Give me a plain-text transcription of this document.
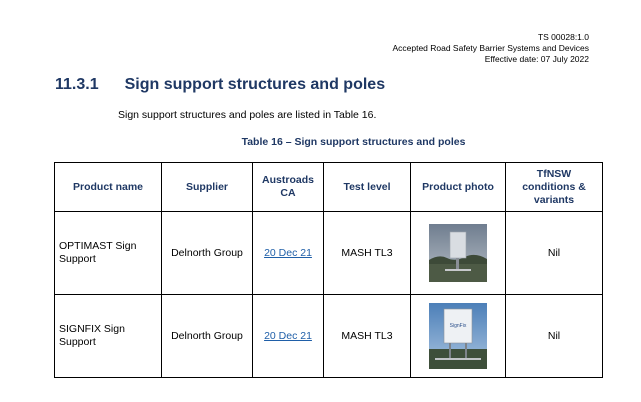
TS 00028:1.0
Accepted Road Safety Barrier Systems and Devices
Effective date: 07 July 2022
11.3.1 Sign support structures and poles
Sign support structures and poles are listed in Table 16.
Table 16 – Sign support structures and poles
Product name	Supplier	Austroads CA	Test level	Product photo	TfNSW conditions & variants
OPTIMAST Sign Support	Delnorth Group	20 Dec 21	MASH TL3		Nil
SIGNFIX Sign Support	Delnorth Group	20 Dec 21	MASH TL3	SignFix	Nil
